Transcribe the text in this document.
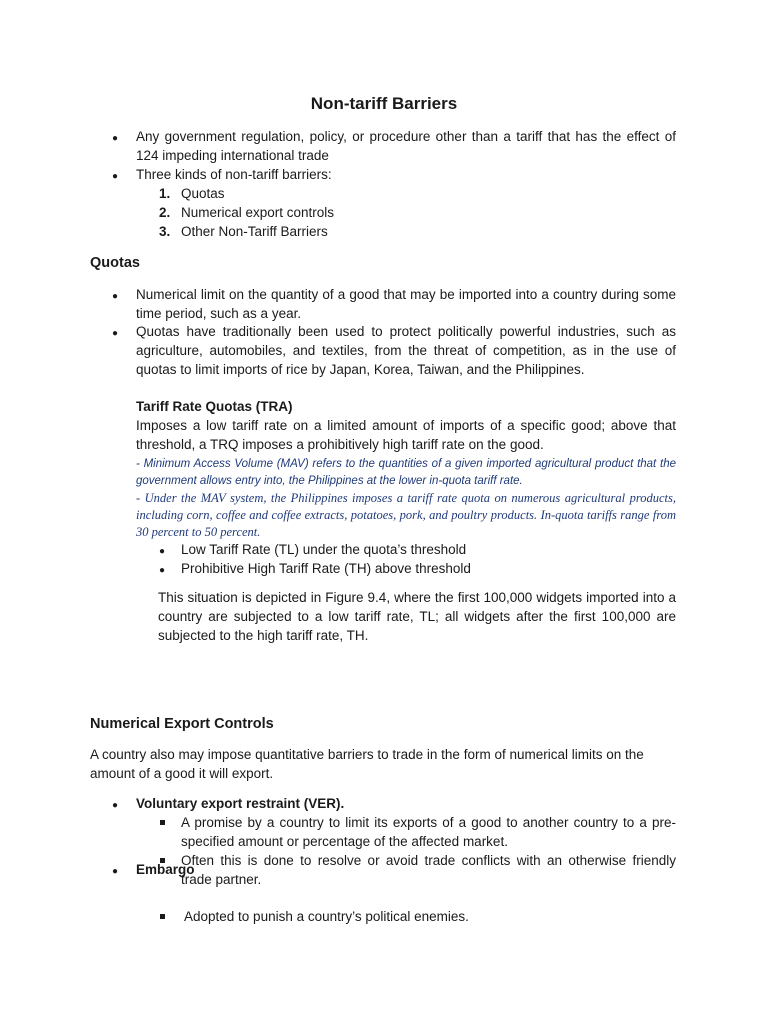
Non-tariff Barriers
● Any government regulation, policy, or procedure other than a tariff that has the effect of 124 impeding international trade
● Three kinds of non-tariff barriers:
1. Quotas
2. Numerical export controls
3. Other Non-Tariff Barriers
Quotas
● Numerical limit on the quantity of a good that may be imported into a country during some time period, such as a year.
● Quotas have traditionally been used to protect politically powerful industries, such as agriculture, automobiles, and textiles, from the threat of competition, as in the use of quotas to limit imports of rice by Japan, Korea, Taiwan, and the Philippines.
Tariff Rate Quotas (TRA)
Imposes a low tariff rate on a limited amount of imports of a specific good; above that threshold, a TRQ imposes a prohibitively high tariff rate on the good.
- Minimum Access Volume (MAV) refers to the quantities of a given imported agricultural product that the government allows entry into, the Philippines at the lower in-quota tariff rate.
- Under the MAV system, the Philippines imposes a tariff rate quota on numerous agricultural products, including corn, coffee and coffee extracts, potatoes, pork, and poultry products. In-quota tariffs range from 30 percent to 50 percent.
● Low Tariff Rate (TL) under the quota’s threshold
● Prohibitive High Tariff Rate (TH) above threshold
This situation is depicted in Figure 9.4, where the first 100,000 widgets imported into a country are subjected to a low tariff rate, TL; all widgets after the first 100,000 are subjected to the high tariff rate, TH.
Numerical Export Controls
A country also may impose quantitative barriers to trade in the form of numerical limits on the amount of a good it will export.
● Voluntary export restraint (VER).
A promise by a country to limit its exports of a good to another country to a pre-specified amount or percentage of the affected market.
Often this is done to resolve or avoid trade conflicts with an otherwise friendly trade partner.
● Embargo
Adopted to punish a country’s political enemies.
